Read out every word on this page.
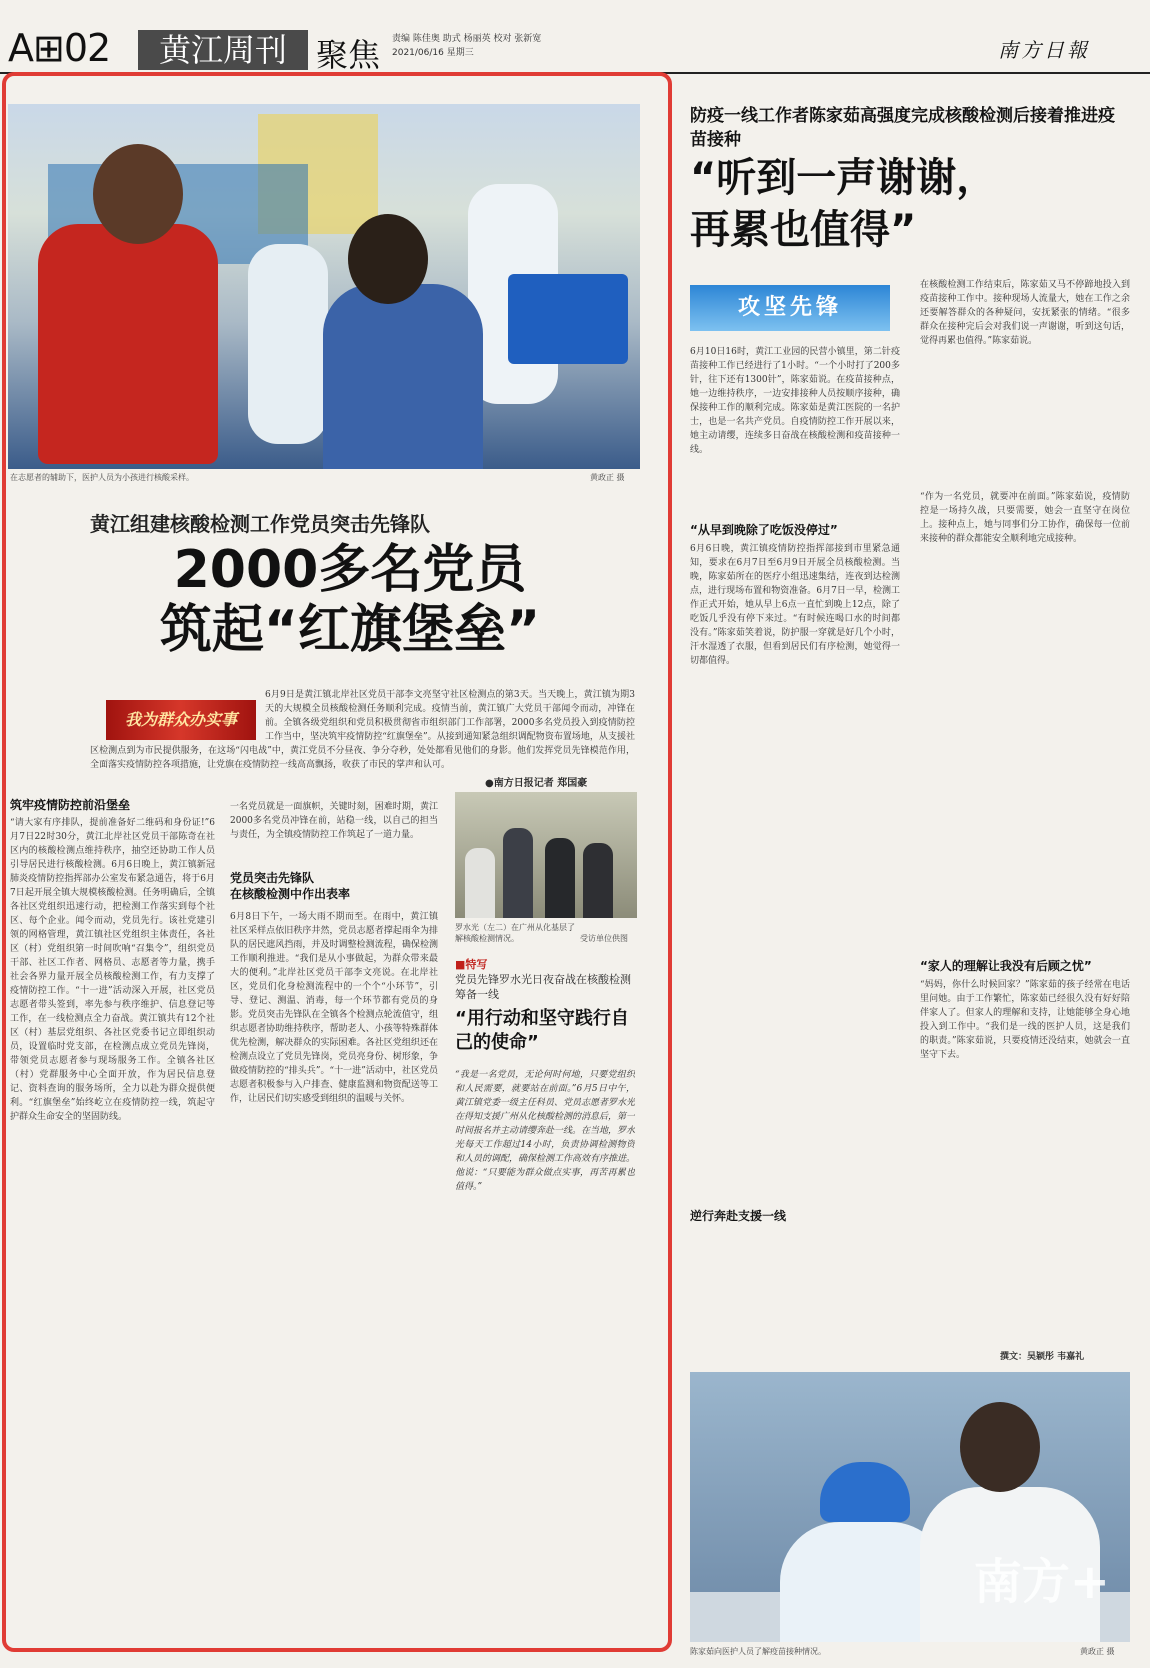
A⊞02	黄江周刊 聚焦 责编 陈佳奥 助式 杨丽英 校对 张新宽
2021/06/16 星期三	南方日報
在志愿者的辅助下，医护人员为小孩进行核酸采样。	黄政正 摄
黄江组建核酸检测工作党员突击先锋队
2000多名党员
筑起“红旗堡垒”
我为群众办实事
6月9日是黄江镇北岸社区党员干部李文亮坚守社区检测点的第3天。当天晚上，黄江镇为期3天的大规模全员核酸检测任务顺利完成。疫情当前，黄江镇广大党员干部闻令而动，冲锋在前。全镇各级党组织和党员积极贯彻省市组织部门工作部署，2000多名党员投入到疫情防控工作当中，坚决筑牢疫情防控“红旗堡垒”。从接到通知紧急组织调配物资布置场地，从支援社区检测点到为市民提供服务，在这场“闪电战”中，黄江党员不分昼夜、争分夺秒，处处都看见他们的身影。他们发挥党员先锋模范作用，全面落实疫情防控各项措施，让党旗在疫情防控一线高高飘扬，收获了市民的掌声和认可。
●南方日报记者 郑国豪
筑牢疫情防控前沿堡垒
“请大家有序排队，提前准备好二维码和身份证!”6月7日22时30分，黄江北岸社区党员干部陈奇在社区内的核酸检测点维持秩序，抽空还协助工作人员引导居民进行核酸检测。6月6日晚上，黄江镇新冠肺炎疫情防控指挥部办公室发布紧急通告，将于6月7日起开展全镇大规模核酸检测。任务明确后，全镇各社区党组织迅速行动，把检测工作落实到每个社区、每个企业。闻令而动，党员先行。该社党建引领的网格管理，黄江镇社区党组织主体责任，各社区（村）党组织第一时间吹响“召集令”，组织党员干部、社区工作者、网格员、志愿者等力量，携手社会各界力量开展全员核酸检测工作，有力支撑了疫情防控工作。“十一进”活动深入开展，社区党员志愿者带头签到，率先参与秩序维护、信息登记等工作，在一线检测点全力奋战。黄江镇共有12个社区（村）基层党组织、各社区党委书记立即组织动员，设置临时党支部，在检测点成立党员先锋岗，带领党员志愿者参与现场服务工作。全镇各社区（村）党群服务中心全面开放，作为居民信息登记、资料查询的服务场所，全力以赴为群众提供便利。“红旗堡垒”始终屹立在疫情防控一线，筑起守护群众生命安全的坚固防线。
一名党员就是一面旗帜，关键时刻，困难时期，黄江2000多名党员冲锋在前，站稳一线，以自己的担当与责任，为全镇疫情防控工作筑起了一道力量。
党员突击先锋队
在核酸检测中作出表率
6月8日下午，一场大雨不期而至。在雨中，黄江镇社区采样点依旧秩序井然，党员志愿者撑起雨伞为排队的居民遮风挡雨，并及时调整检测流程，确保检测工作顺利推进。“我们是从小事做起，为群众带来最大的便利。”北岸社区党员干部李文亮说。在北岸社区，党员们化身检测流程中的一个个“小环节”，引导、登记、测温、消毒，每一个环节都有党员的身影。党员突击先锋队在全镇各个检测点轮流值守，组织志愿者协助维持秩序，帮助老人、小孩等特殊群体优先检测，解决群众的实际困难。各社区党组织还在检测点设立了党员先锋岗，党员亮身份、树形象，争做疫情防控的“排头兵”。“十一进”活动中，社区党员志愿者积极参与入户排查、健康监测和物资配送等工作，让居民们切实感受到组织的温暖与关怀。
罗水光（左二）在广州从化基层了解核酸检测情况。	受访单位供图
■特写
党员先锋罗水光日夜奋战在核酸检测筹备一线
“用行动和坚守践行自己的使命”
“我是一名党员，无论何时何地，只要党组织和人民需要，就要站在前面。”6月5日中午，黄江镇党委一级主任科员、党员志愿者罗水光在得知支援广州从化核酸检测的消息后，第一时间报名并主动请缨奔赴一线。在当地，罗水光每天工作超过14小时，负责协调检测物资和人员的调配，确保检测工作高效有序推进。他说：“只要能为群众做点实事，再苦再累也值得。”
防疫一线工作者陈家茹高强度完成核酸检测后接着推进疫苗接种
“听到一声谢谢，
再累也值得”
攻坚先锋
6月10日16时，黄江工业园的民营小镇里，第二针疫苗接种工作已经进行了1小时。“一个小时打了200多针，往下还有1300针”，陈家茹说。在疫苗接种点，她一边维持秩序，一边安排接种人员按顺序接种，确保接种工作的顺利完成。陈家茹是黄江医院的一名护士，也是一名共产党员。自疫情防控工作开展以来，她主动请缨，连续多日奋战在核酸检测和疫苗接种一线。
“从早到晚除了吃饭没停过”
6月6日晚，黄江镇疫情防控指挥部接到市里紧急通知，要求在6月7日至6月9日开展全员核酸检测。当晚，陈家茹所在的医疗小组迅速集结，连夜到达检测点，进行现场布置和物资准备。6月7日一早，检测工作正式开始，她从早上6点一直忙到晚上12点，除了吃饭几乎没有停下来过。“有时候连喝口水的时间都没有。”陈家茹笑着说，防护服一穿就是好几个小时，汗水湿透了衣服，但看到居民们有序检测，她觉得一切都值得。
在核酸检测工作结束后，陈家茹又马不停蹄地投入到疫苗接种工作中。接种现场人流量大，她在工作之余还要解答群众的各种疑问，安抚紧张的情绪。“很多群众在接种完后会对我们说一声谢谢，听到这句话，觉得再累也值得。”陈家茹说。
逆行奔赴支援一线
“作为一名党员，就要冲在前面。”陈家茹说，疫情防控是一场持久战，只要需要，她会一直坚守在岗位上。接种点上，她与同事们分工协作，确保每一位前来接种的群众都能安全顺利地完成接种。
“家人的理解让我没有后顾之忧”
“妈妈，你什么时候回家？”陈家茹的孩子经常在电话里问她。由于工作繁忙，陈家茹已经很久没有好好陪伴家人了。但家人的理解和支持，让她能够全身心地投入到工作中。“我们是一线的医护人员，这是我们的职责。”陈家茹说，只要疫情还没结束，她就会一直坚守下去。
撰文：吴颖彤 韦嘉礼
南方+
陈家茹向医护人员了解疫苗接种情况。	黄政正 摄
